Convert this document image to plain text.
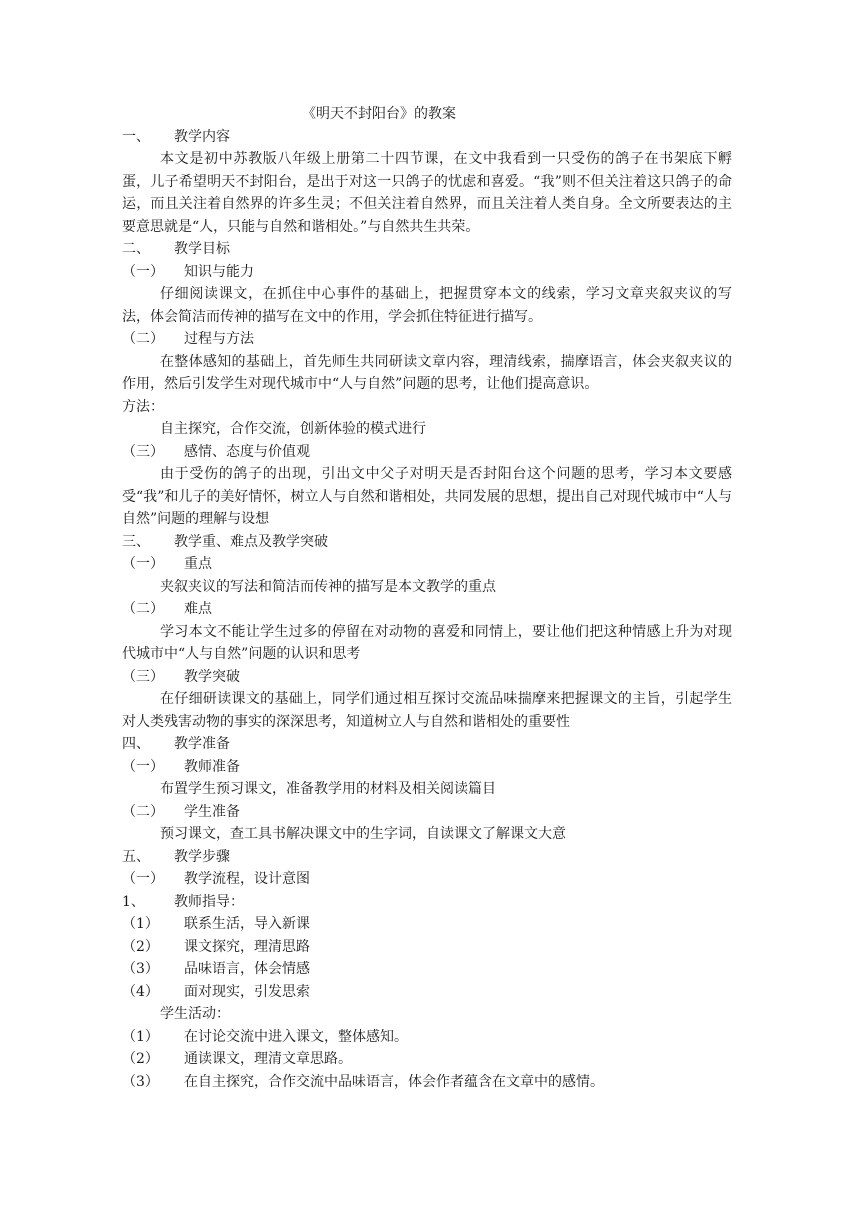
《明天不封阳台》的教案
一、 教学内容
本文是初中苏教版八年级上册第二十四节课，在文中我看到一只受伤的鸽子在书架底下孵蛋，儿子希望明天不封阳台，是出于对这一只鸽子的忧虑和喜爱。“我”则不但关注着这只鸽子的命运，而且关注着自然界的许多生灵；不但关注着自然界，而且关注着人类自身。全文所要表达的主要意思就是“人，只能与自然和谐相处。”与自然共生共荣。
二、 教学目标
（一） 知识与能力
仔细阅读课文，在抓住中心事件的基础上，把握贯穿本文的线索，学习文章夹叙夹议的写法，体会简洁而传神的描写在文中的作用，学会抓住特征进行描写。
（二） 过程与方法
在整体感知的基础上，首先师生共同研读文章内容，理清线索，揣摩语言，体会夹叙夹议的作用，然后引发学生对现代城市中“人与自然”问题的思考，让他们提高意识。
方法：
自主探究，合作交流，创新体验的模式进行
（三） 感情、态度与价值观
由于受伤的鸽子的出现，引出文中父子对明天是否封阳台这个问题的思考，学习本文要感受“我”和儿子的美好情怀，树立人与自然和谐相处，共同发展的思想，提出自己对现代城市中“人与自然”问题的理解与设想
三、 教学重、难点及教学突破
（一） 重点
夹叙夹议的写法和简洁而传神的描写是本文教学的重点
（二） 难点
学习本文不能让学生过多的停留在对动物的喜爱和同情上，要让他们把这种情感上升为对现代城市中“人与自然”问题的认识和思考
（三） 教学突破
在仔细研读课文的基础上，同学们通过相互探讨交流品味揣摩来把握课文的主旨，引起学生对人类残害动物的事实的深深思考，知道树立人与自然和谐相处的重要性
四、 教学准备
（一） 教师准备
布置学生预习课文，准备教学用的材料及相关阅读篇目
（二） 学生准备
预习课文，查工具书解决课文中的生字词，自读课文了解课文大意
五、 教学步骤
（一） 教学流程，设计意图
1、 教师指导：
（1） 联系生活，导入新课
（2） 课文探究，理清思路
（3） 品味语言，体会情感
（4） 面对现实，引发思索
学生活动：
（1） 在讨论交流中进入课文，整体感知。
（2） 通读课文，理清文章思路。
（3） 在自主探究，合作交流中品味语言，体会作者蕴含在文章中的感情。
